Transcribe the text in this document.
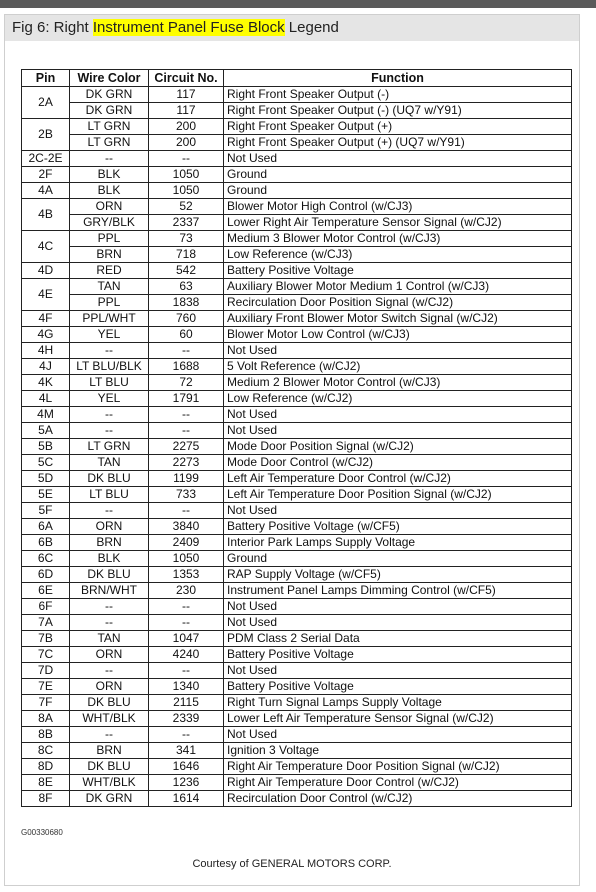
Fig 6: Right Instrument Panel Fuse Block Legend
Pin	Wire Color	Circuit No.	Function
2A	DK GRN	117	Right Front Speaker Output (-)
	DK GRN	117	Right Front Speaker Output (-) (UQ7 w/Y91)
2B	LT GRN	200	Right Front Speaker Output (+)
	LT GRN	200	Right Front Speaker Output (+) (UQ7 w/Y91)
2C-2E	--	--	Not Used
2F	BLK	1050	Ground
4A	BLK	1050	Ground
4B	ORN	52	Blower Motor High Control (w/CJ3)
	GRY/BLK	2337	Lower Right Air Temperature Sensor Signal (w/CJ2)
4C	PPL	73	Medium 3 Blower Motor Control (w/CJ3)
	BRN	718	Low Reference (w/CJ3)
4D	RED	542	Battery Positive Voltage
4E	TAN	63	Auxiliary Blower Motor Medium 1 Control (w/CJ3)
	PPL	1838	Recirculation Door Position Signal (w/CJ2)
4F	PPL/WHT	760	Auxiliary Front Blower Motor Switch Signal (w/CJ2)
4G	YEL	60	Blower Motor Low Control (w/CJ3)
4H	--	--	Not Used
4J	LT BLU/BLK	1688	5 Volt Reference (w/CJ2)
4K	LT BLU	72	Medium 2 Blower Motor Control (w/CJ3)
4L	YEL	1791	Low Reference (w/CJ2)
4M	--	--	Not Used
5A	--	--	Not Used
5B	LT GRN	2275	Mode Door Position Signal (w/CJ2)
5C	TAN	2273	Mode Door Control (w/CJ2)
5D	DK BLU	1199	Left Air Temperature Door Control (w/CJ2)
5E	LT BLU	733	Left Air Temperature Door Position Signal (w/CJ2)
5F	--	--	Not Used
6A	ORN	3840	Battery Positive Voltage (w/CF5)
6B	BRN	2409	Interior Park Lamps Supply Voltage
6C	BLK	1050	Ground
6D	DK BLU	1353	RAP Supply Voltage (w/CF5)
6E	BRN/WHT	230	Instrument Panel Lamps Dimming Control (w/CF5)
6F	--	--	Not Used
7A	--	--	Not Used
7B	TAN	1047	PDM Class 2 Serial Data
7C	ORN	4240	Battery Positive Voltage
7D	--	--	Not Used
7E	ORN	1340	Battery Positive Voltage
7F	DK BLU	2115	Right Turn Signal Lamps Supply Voltage
8A	WHT/BLK	2339	Lower Left Air Temperature Sensor Signal (w/CJ2)
8B	--	--	Not Used
8C	BRN	341	Ignition 3 Voltage
8D	DK BLU	1646	Right Air Temperature Door Position Signal (w/CJ2)
8E	WHT/BLK	1236	Right Air Temperature Door Control (w/CJ2)
8F	DK GRN	1614	Recirculation Door Control (w/CJ2)
G00330680
Courtesy of GENERAL MOTORS CORP.
